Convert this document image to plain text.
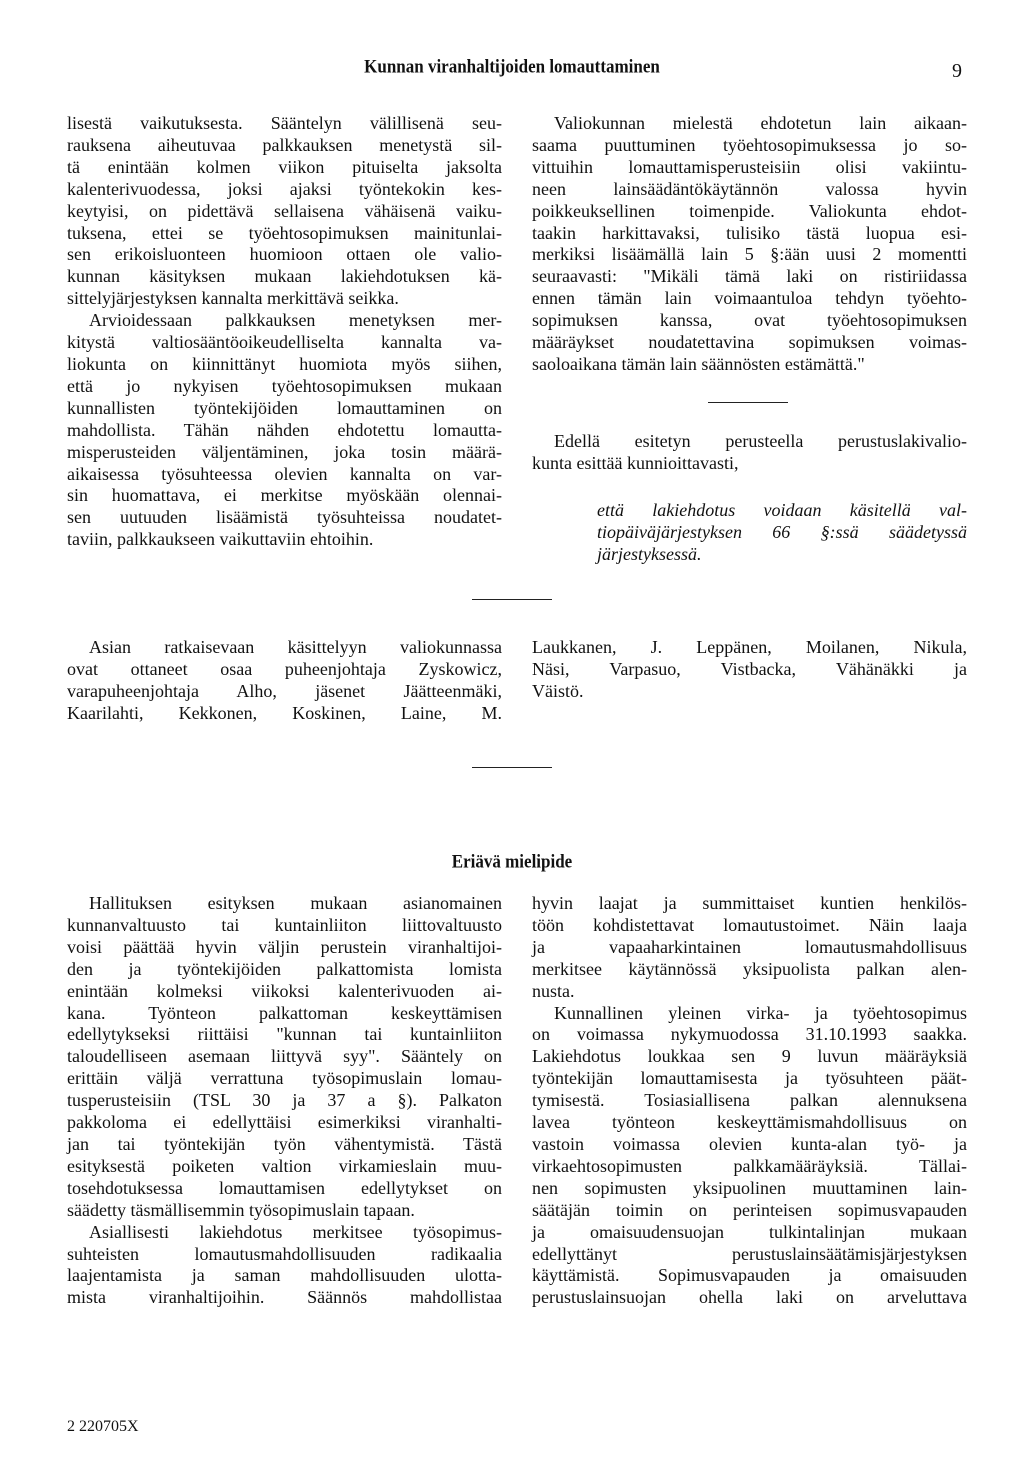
Kunnan viranhaltijoiden lomauttaminen	9
lisestä vaikutuksesta. Sääntelyn välillisenä seu-
rauksena aiheutuvaa palkkauksen menetystä sil-
tä enintään kolmen viikon pituiselta jaksolta
kalenterivuodessa, joksi ajaksi työntekokin kes-
keytyisi, on pidettävä sellaisena vähäisenä vaiku-
tuksena, ettei se työehtosopimuksen mainitunlai-
sen erikoisluonteen huomioon ottaen ole valio-
kunnan käsityksen mukaan lakiehdotuksen kä-
sittelyjärjestyksen kannalta merkittävä seikka.
Arvioidessaan palkkauksen menetyksen mer-
kitystä valtiosääntöoikeudelliselta kannalta va-
liokunta on kiinnittänyt huomiota myös siihen,
että jo nykyisen työehtosopimuksen mukaan
kunnallisten työntekijöiden lomauttaminen on
mahdollista. Tähän nähden ehdotettu lomautta-
misperusteiden väljentäminen, joka tosin määrä-
aikaisessa työsuhteessa olevien kannalta on var-
sin huomattava, ei merkitse myöskään olennai-
sen uutuuden lisäämistä työsuhteissa noudatet-
taviin, palkkaukseen vaikuttaviin ehtoihin.
Valiokunnan mielestä ehdotetun lain aikaan-
saama puuttuminen työehtosopimuksessa jo so-
vittuihin lomauttamisperusteisiin olisi vakiintu-
neen lainsäädäntökäytännön valossa hyvin
poikkeuksellinen toimenpide. Valiokunta ehdot-
taakin harkittavaksi, tulisiko tästä luopua esi-
merkiksi lisäämällä lain 5 §:ään uusi 2 momentti
seuraavasti: "Mikäli tämä laki on ristiriidassa
ennen tämän lain voimaantuloa tehdyn työehto-
sopimuksen kanssa, ovat työehtosopimuksen
määräykset noudatettavina sopimuksen voimas-
saoloaikana tämän lain säännösten estämättä."
Edellä esitetyn perusteella perustuslakivalio-
kunta esittää kunnioittavasti,
että lakiehdotus voidaan käsitellä val-
tiopäiväjärjestyksen 66 §:ssä säädetyssä
järjestyksessä.
Asian ratkaisevaan käsittelyyn valiokunnassa
ovat ottaneet osaa puheenjohtaja Zyskowicz,
varapuheenjohtaja Alho, jäsenet Jäätteenmäki,
Kaarilahti, Kekkonen, Koskinen, Laine, M.
Laukkanen, J. Leppänen, Moilanen, Nikula,
Näsi, Varpasuo, Vistbacka, Vähänäkki ja
Väistö.
Eriävä mielipide
Hallituksen esityksen mukaan asianomainen
kunnanvaltuusto tai kuntainliiton liittovaltuusto
voisi päättää hyvin väljin perustein viranhaltijoi-
den ja työntekijöiden palkattomista lomista
enintään kolmeksi viikoksi kalenterivuoden ai-
kana. Työnteon palkattoman keskeyttämisen
edellytykseksi riittäisi "kunnan tai kuntainliiton
taloudelliseen asemaan liittyvä syy". Sääntely on
erittäin väljä verrattuna työsopimuslain lomau-
tusperusteisiin (TSL 30 ja 37 a §). Palkaton
pakkoloma ei edellyttäisi esimerkiksi viranhalti-
jan tai työntekijän työn vähentymistä. Tästä
esityksestä poiketen valtion virkamieslain muu-
tosehdotuksessa lomauttamisen edellytykset on
säädetty täsmällisemmin työsopimuslain tapaan.
Asiallisesti lakiehdotus merkitsee työsopimus-
suhteisten lomautusmahdollisuuden radikaalia
laajentamista ja saman mahdollisuuden ulotta-
mista viranhaltijoihin. Säännös mahdollistaa
hyvin laajat ja summittaiset kuntien henkilös-
töön kohdistettavat lomautustoimet. Näin laaja
ja vapaaharkintainen lomautusmahdollisuus
merkitsee käytännössä yksipuolista palkan alen-
nusta.
Kunnallinen yleinen virka- ja työehtosopimus
on voimassa nykymuodossa 31.10.1993 saakka.
Lakiehdotus loukkaa sen 9 luvun määräyksiä
työntekijän lomauttamisesta ja työsuhteen päät-
tymisestä. Tosiasiallisena palkan alennuksena
lavea työnteon keskeyttämismahdollisuus on
vastoin voimassa olevien kunta-alan työ- ja
virkaehtosopimusten palkkamääräyksiä. Tällai-
nen sopimusten yksipuolinen muuttaminen lain-
säätäjän toimin on perinteisen sopimusvapauden
ja omaisuudensuojan tulkintalinjan mukaan
edellyttänyt perustuslainsäätämisjärjestyksen
käyttämistä. Sopimusvapauden ja omaisuuden
perustuslainsuojan ohella laki on arveluttava
2 220705X
